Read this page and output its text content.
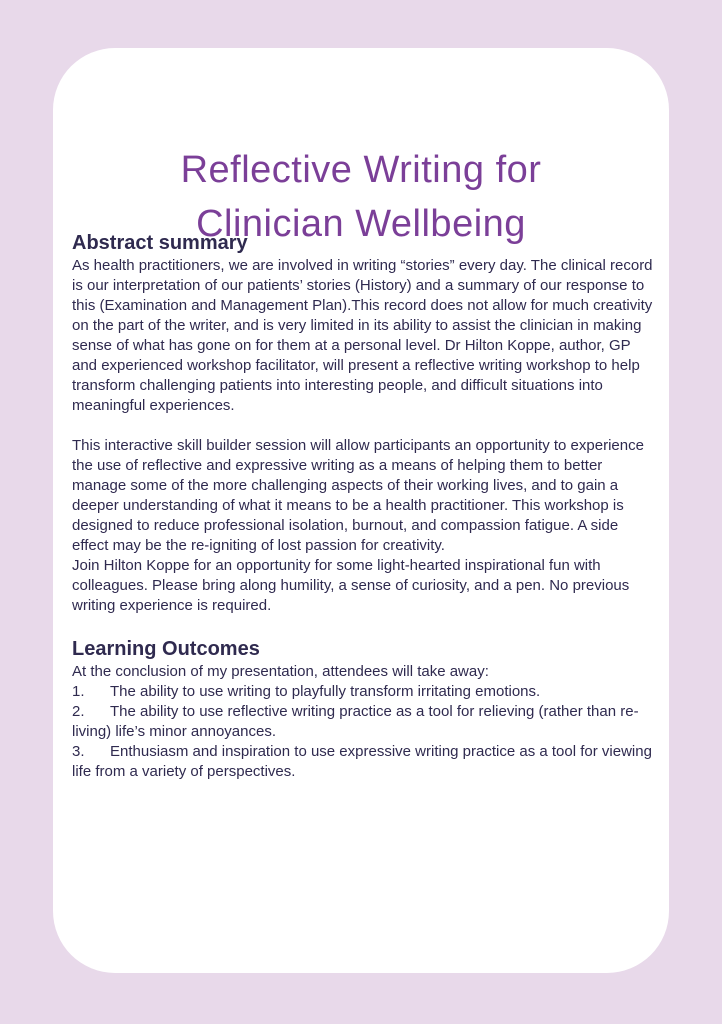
Reflective Writing for
Clinician Wellbeing
Abstract summary

As health practitioners, we are involved in writing “stories” every day. The clinical record is our interpretation of our patients’ stories (History) and a summary of our response to this (Examination and Management Plan).This record does not allow for much creativity on the part of the writer, and is very limited in its ability to assist the clinician in making sense of what has gone on for them at a personal level. Dr Hilton Koppe, author, GP and experienced workshop facilitator, will present a reflective writing workshop to help transform challenging patients into interesting people, and difficult situations into meaningful experiences.

This interactive skill builder session will allow participants an opportunity to experience the use of reflective and expressive writing as a means of helping them to better manage some of the more challenging aspects of their working lives, and to gain a deeper understanding of what it means to be a health practitioner. This workshop is designed to reduce professional isolation, burnout, and compassion fatigue. A side effect may be the re-igniting of lost passion for creativity.

Join Hilton Koppe for an opportunity for some light-hearted inspirational fun with colleagues. Please bring along humility, a sense of curiosity, and a pen. No previous writing experience is required.

Learning Outcomes

At the conclusion of my presentation, attendees will take away:

1. The ability to use writing to playfully transform irritating emotions.
2. The ability to use reflective writing practice as a tool for relieving (rather than re-living) life’s minor annoyances.
3. Enthusiasm and inspiration to use expressive writing practice as a tool for viewing life from a variety of perspectives.
